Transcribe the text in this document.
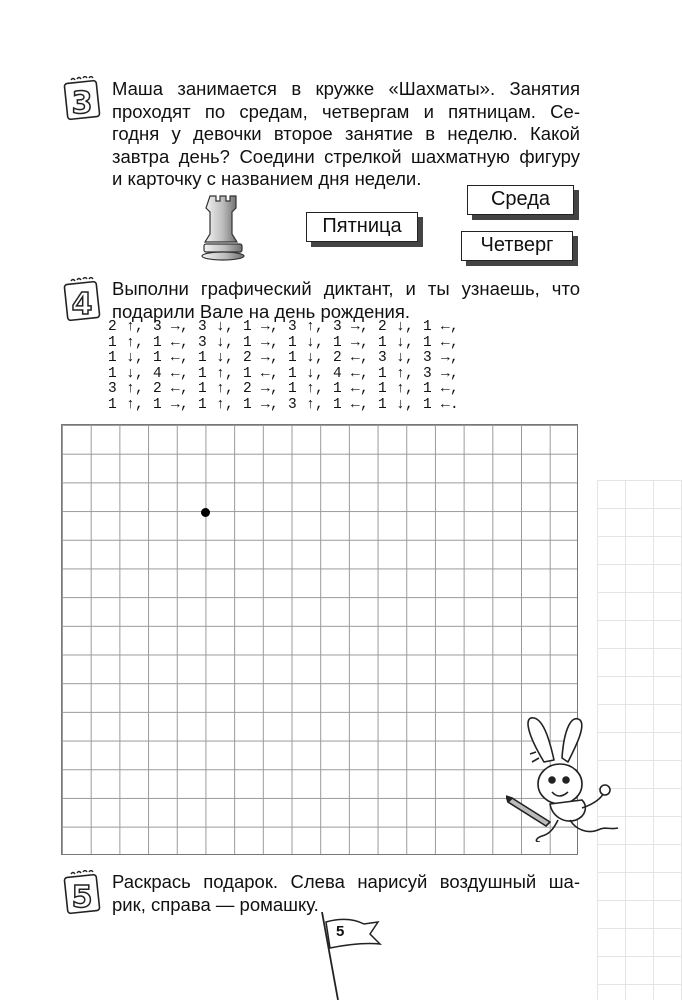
3 Маша занимается в кружке «Шахматы». Занятия
проходят по средам, четвергам и пятницам. Се-
годня у девочки второе занятие в неделю. Какой
завтра день? Соедини стрелкой шахматную фигуру
и карточку с названием дня недели.
Пятница
Среда
Четверг
4 Выполни графический диктант, и ты узнаешь, что
подарили Вале на день рождения.
2 ↑, 3 →, 3 ↓, 1 →, 3 ↑, 3 →, 2 ↓, 1 ←,
1 ↑, 1 ←, 3 ↓, 1 →, 1 ↓, 1 →, 1 ↓, 1 ←,
1 ↓, 1 ←, 1 ↓, 2 →, 1 ↓, 2 ←, 3 ↓, 3 →,
1 ↓, 4 ←, 1 ↑, 1 ←, 1 ↓, 4 ←, 1 ↑, 3 →,
3 ↑, 2 ←, 1 ↑, 2 →, 1 ↑, 1 ←, 1 ↑, 1 ←,
1 ↑, 1 →, 1 ↑, 1 →, 3 ↑, 1 ←, 1 ↓, 1 ←.
5 Раскрась подарок. Слева нарисуй воздушный ша-
рик, справа — ромашку.
5
